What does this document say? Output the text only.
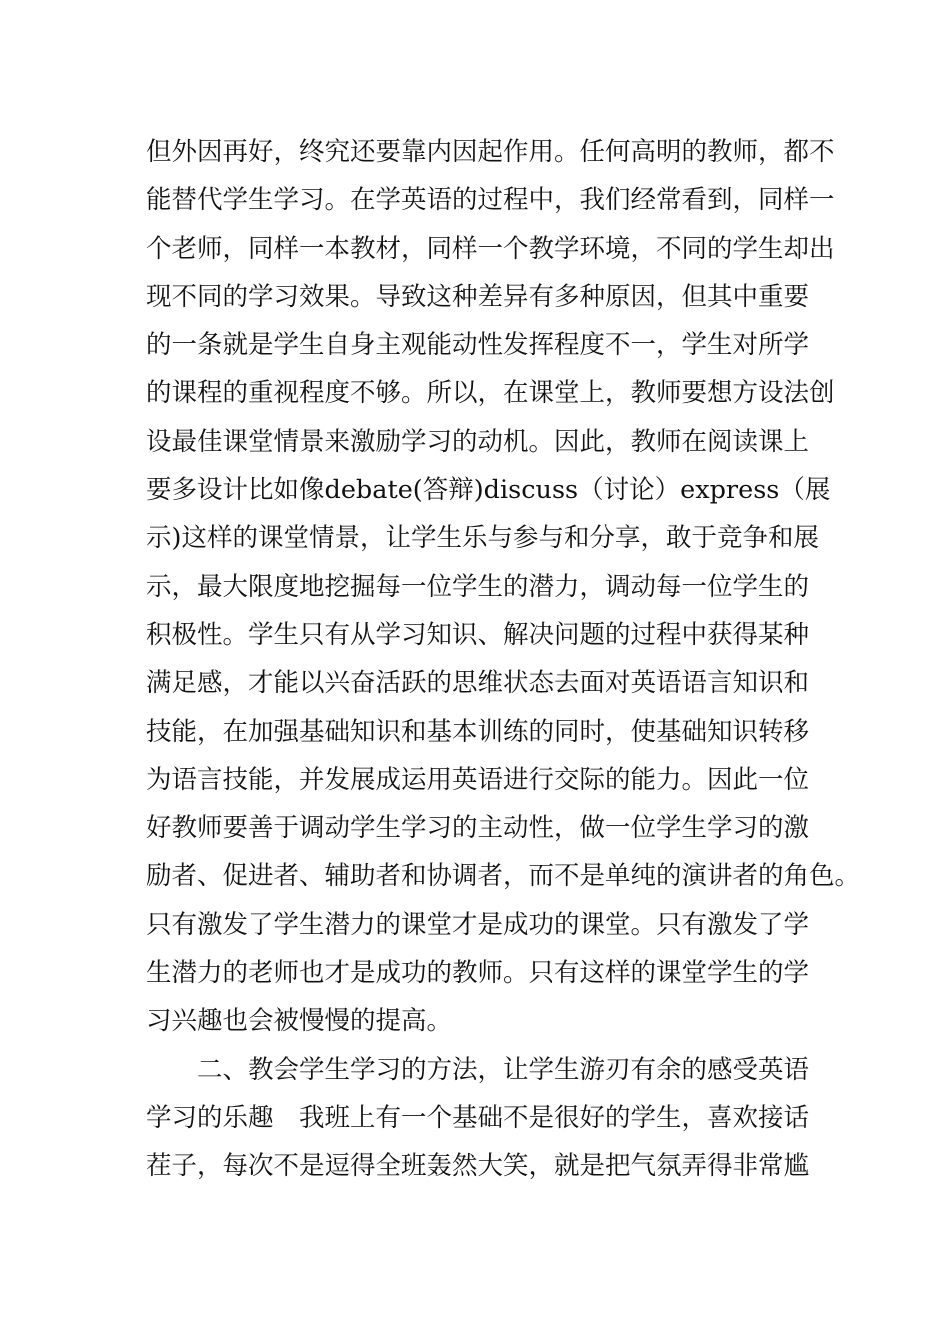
但外因再好，终究还要靠内因起作用。任何高明的教师，都不
能替代学生学习。在学英语的过程中，我们经常看到，同样一
个老师，同样一本教材，同样一个教学环境，不同的学生却出
现不同的学习效果。导致这种差异有多种原因，但其中重要
的一条就是学生自身主观能动性发挥程度不一，学生对所学
的课程的重视程度不够。所以，在课堂上，教师要想方设法创
设最佳课堂情景来激励学习的动机。因此，教师在阅读课上
要多设计比如像debate(答辩)discuss（讨论）express（展
示)这样的课堂情景，让学生乐与参与和分享，敢于竞争和展
示，最大限度地挖掘每一位学生的潜力，调动每一位学生的
积极性。学生只有从学习知识、解决问题的过程中获得某种
满足感，才能以兴奋活跃的思维状态去面对英语语言知识和
技能，在加强基础知识和基本训练的同时，使基础知识转移
为语言技能，并发展成运用英语进行交际的能力。因此一位
好教师要善于调动学生学习的主动性，做一位学生学习的激
励者、促进者、辅助者和协调者，而不是单纯的演讲者的角色。
只有激发了学生潜力的课堂才是成功的课堂。只有激发了学
生潜力的老师也才是成功的教师。只有这样的课堂学生的学
习兴趣也会被慢慢的提高。
　　二、教会学生学习的方法，让学生游刃有余的感受英语
学习的乐趣　我班上有一个基础不是很好的学生，喜欢接话
茬子，每次不是逗得全班轰然大笑，就是把气氛弄得非常尴
